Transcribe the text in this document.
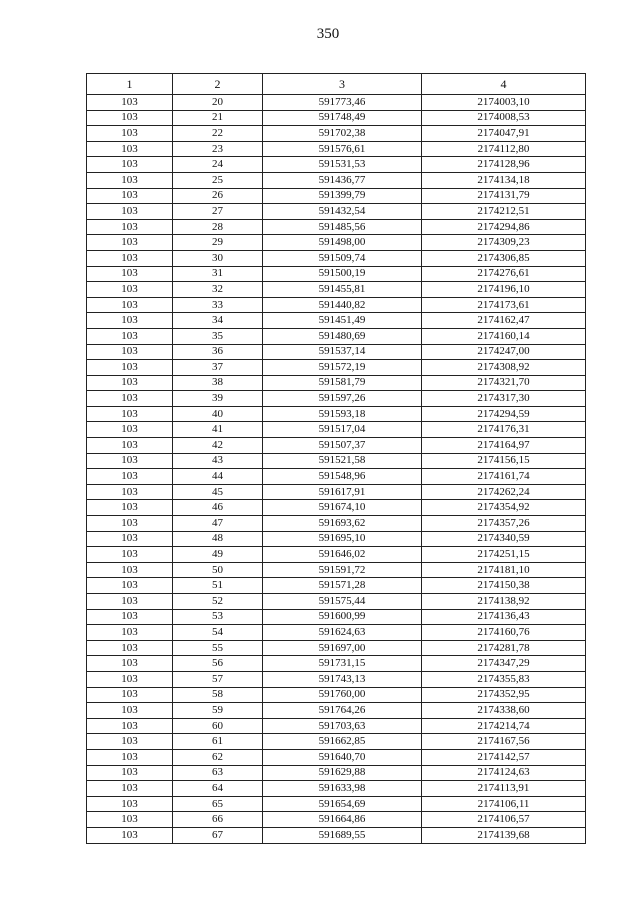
350
1	2	3	4
103	20	591773,46	2174003,10
103	21	591748,49	2174008,53
103	22	591702,38	2174047,91
103	23	591576,61	2174112,80
103	24	591531,53	2174128,96
103	25	591436,77	2174134,18
103	26	591399,79	2174131,79
103	27	591432,54	2174212,51
103	28	591485,56	2174294,86
103	29	591498,00	2174309,23
103	30	591509,74	2174306,85
103	31	591500,19	2174276,61
103	32	591455,81	2174196,10
103	33	591440,82	2174173,61
103	34	591451,49	2174162,47
103	35	591480,69	2174160,14
103	36	591537,14	2174247,00
103	37	591572,19	2174308,92
103	38	591581,79	2174321,70
103	39	591597,26	2174317,30
103	40	591593,18	2174294,59
103	41	591517,04	2174176,31
103	42	591507,37	2174164,97
103	43	591521,58	2174156,15
103	44	591548,96	2174161,74
103	45	591617,91	2174262,24
103	46	591674,10	2174354,92
103	47	591693,62	2174357,26
103	48	591695,10	2174340,59
103	49	591646,02	2174251,15
103	50	591591,72	2174181,10
103	51	591571,28	2174150,38
103	52	591575,44	2174138,92
103	53	591600,99	2174136,43
103	54	591624,63	2174160,76
103	55	591697,00	2174281,78
103	56	591731,15	2174347,29
103	57	591743,13	2174355,83
103	58	591760,00	2174352,95
103	59	591764,26	2174338,60
103	60	591703,63	2174214,74
103	61	591662,85	2174167,56
103	62	591640,70	2174142,57
103	63	591629,88	2174124,63
103	64	591633,98	2174113,91
103	65	591654,69	2174106,11
103	66	591664,86	2174106,57
103	67	591689,55	2174139,68
